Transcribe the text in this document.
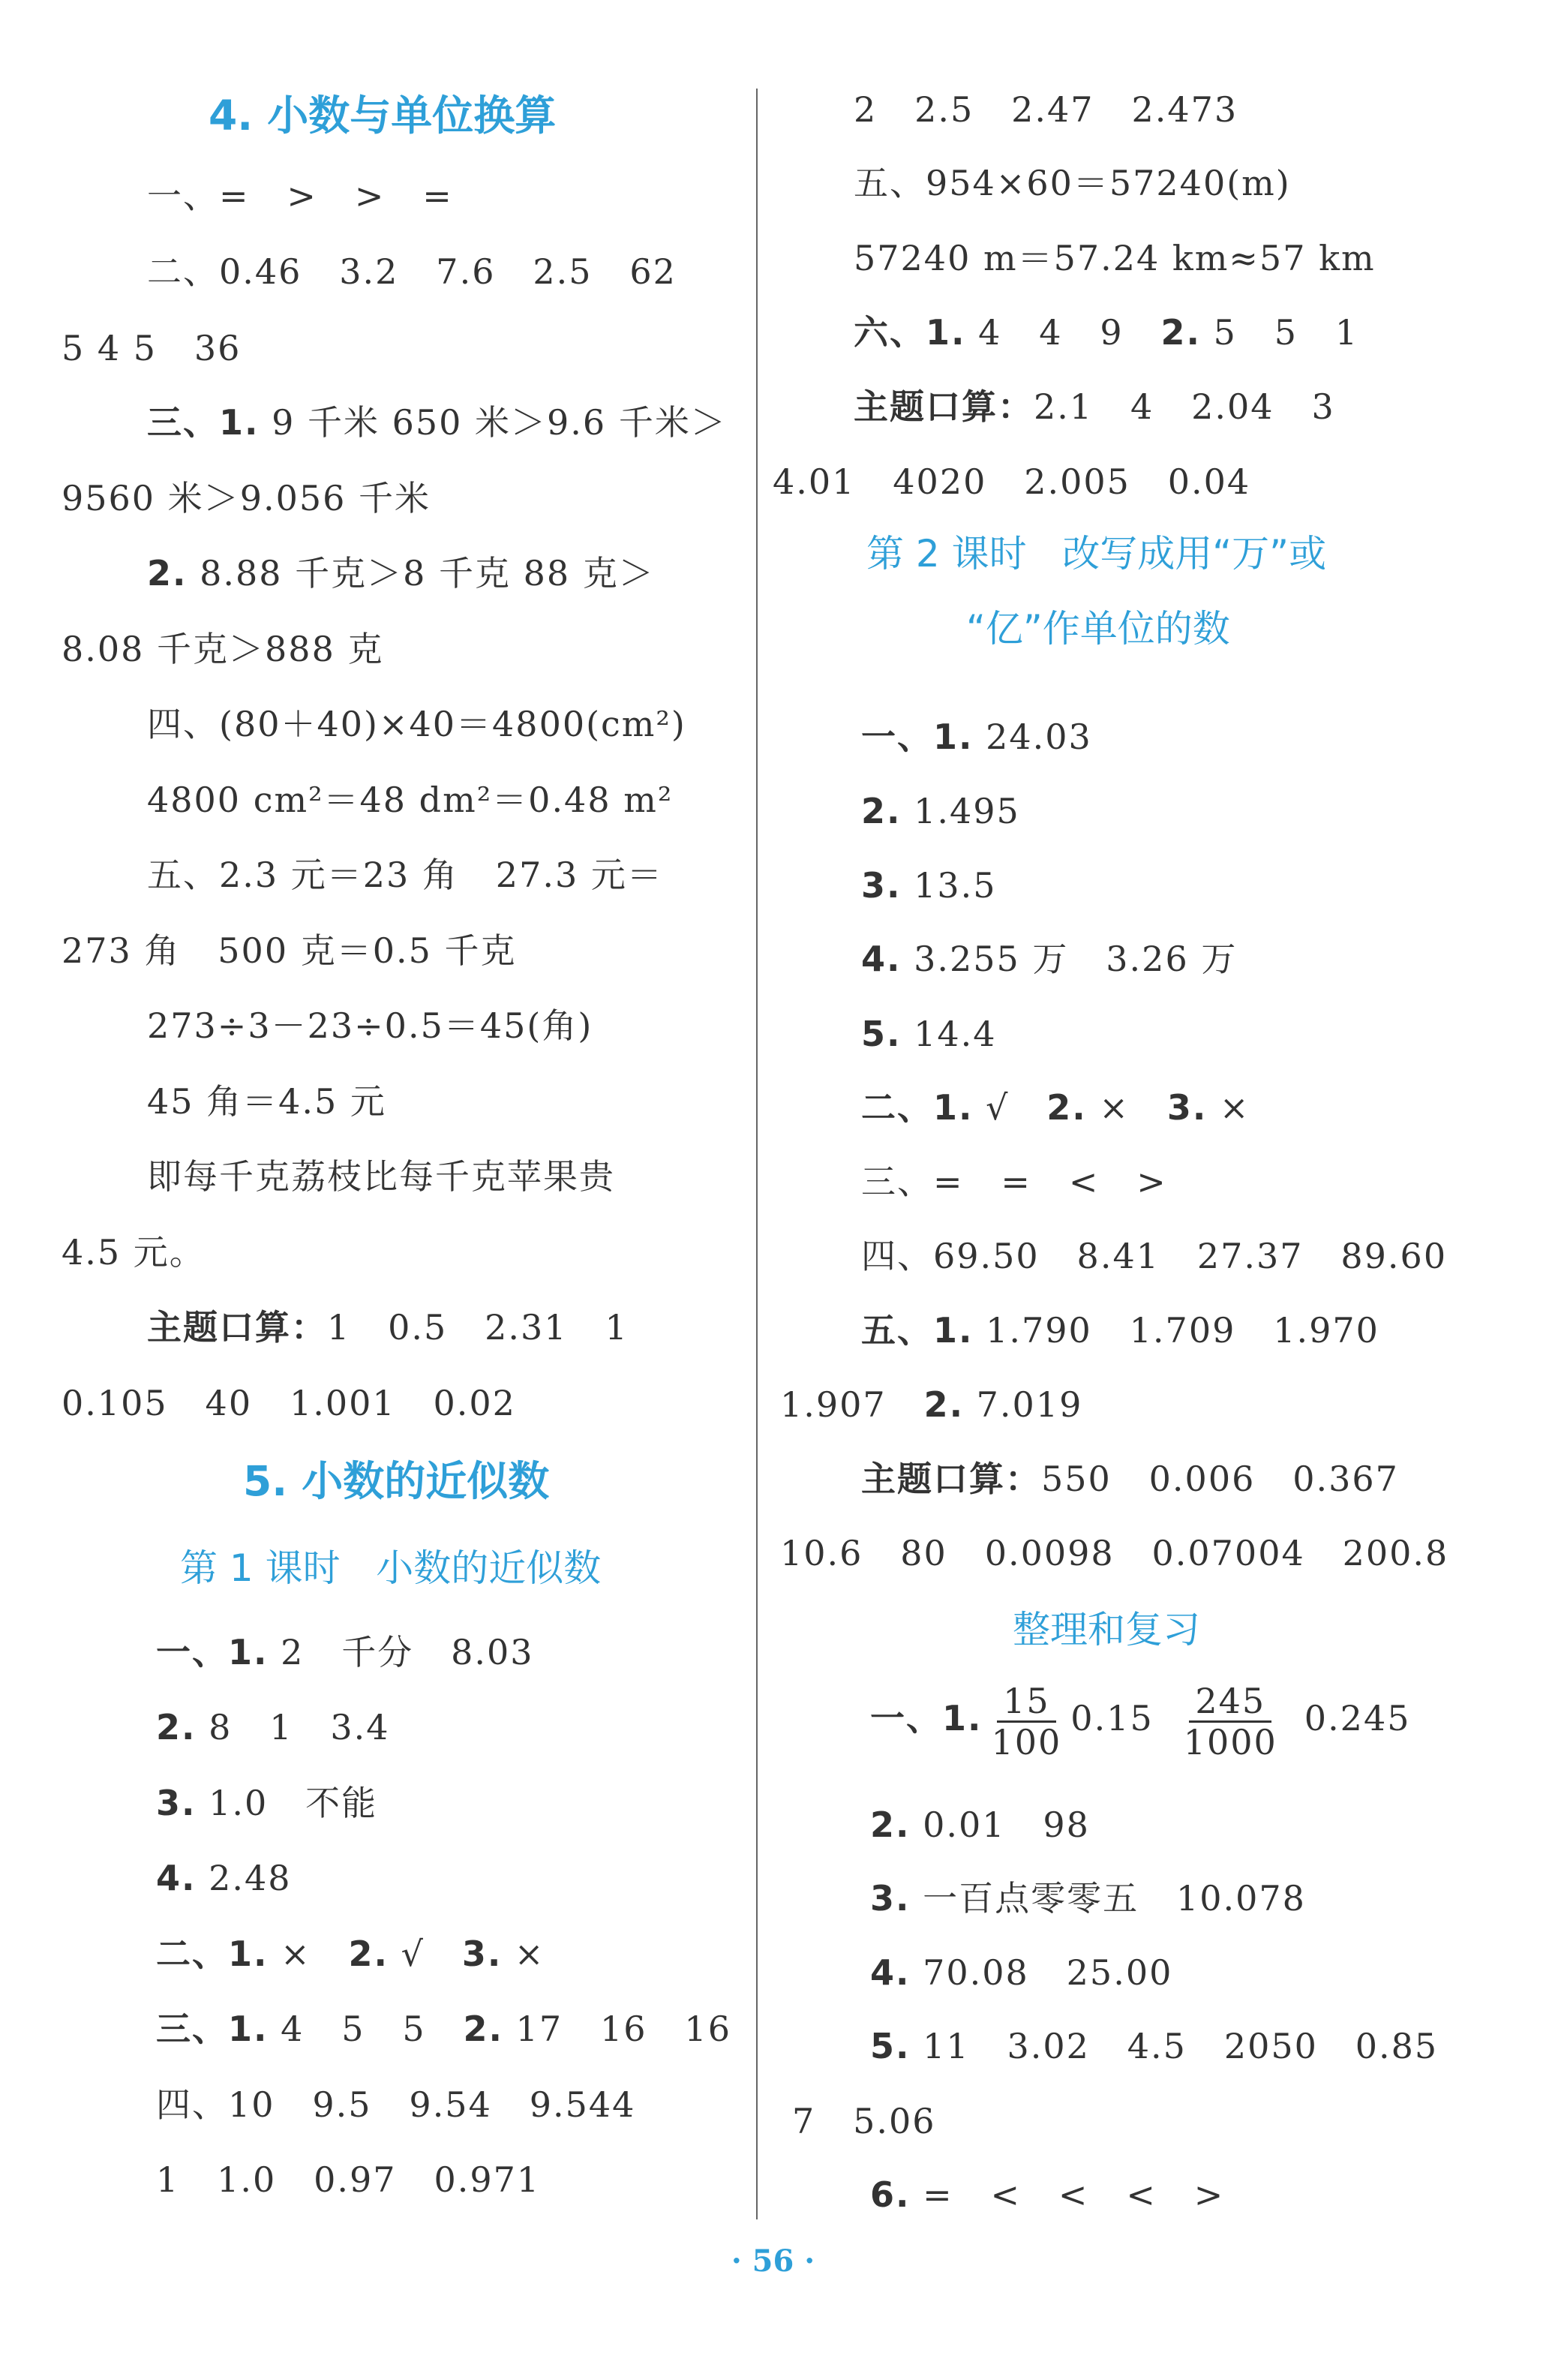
4. 小数与单位换算
一、=   >   >   =
二、0.46   3.2   7.6   2.5   62
5 4 5   36
三、1. 9 千米 650 米＞9.6 千米＞
9560 米＞9.056 千米
2. 8.88 千克＞8 千克 88 克＞
8.08 千克＞888 克
四、(80＋40)×40＝4800(cm²)
4800 cm²＝48 dm²＝0.48 m²
五、2.3 元＝23 角   27.3 元＝
273 角   500 克＝0.5 千克
273÷3－23÷0.5＝45(角)
45 角＝4.5 元
即每千克荔枝比每千克苹果贵
4.5 元。
主题口算：1   0.5   2.31   1
0.105   40   1.001   0.02
5. 小数的近似数
第 1 课时   小数的近似数
一、1. 2   千分   8.03
2. 8   1   3.4
3. 1.0   不能
4. 2.48
二、1. ×   2. √   3. ×
三、1. 4   5   5   2. 17   16   16
四、10   9.5   9.54   9.544
1   1.0   0.97   0.971
2   2.5   2.47   2.473
五、954×60＝57240(m)
57240 m＝57.24 km≈57 km
六、1. 4   4   9   2. 5   5   1
主题口算：2.1   4   2.04   3
4.01   4020   2.005   0.04
第 2 课时   改写成用“万”或
“亿”作单位的数
一、1. 24.03
2. 1.495
3. 13.5
4. 3.255 万   3.26 万
5. 14.4
二、1. √   2. ×   3. ×
三、=   =   <   >
四、69.50   8.41   27.37   89.60
五、1. 1.790   1.709   1.970
1.907   2. 7.019
主题口算：550   0.006   0.367
10.6   80   0.0098   0.07004   200.8
整理和复习
一、1. $\frac{15}{100} 0.15 \frac{245}{1000} 0.245$
2. 0.01   98
3. 一百点零零五   10.078
4. 70.08   25.00
5. 11   3.02   4.5   2050   0.85
7   5.06
6. =   <   <   <   >
· 56 ·
